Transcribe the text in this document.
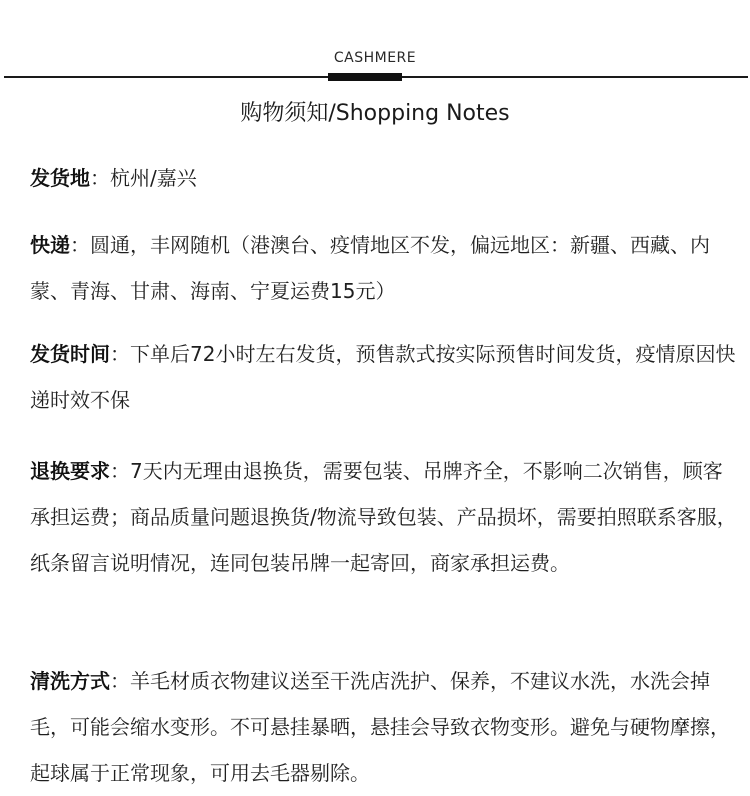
CASHMERE
购物须知/Shopping Notes
发货地：杭州/嘉兴
快递：圆通，丰网随机（港澳台、疫情地区不发，偏远地区：新疆、西藏、内蒙、青海、甘肃、海南、宁夏运费15元）
发货时间：下单后72小时左右发货，预售款式按实际预售时间发货，疫情原因快递时效不保
退换要求：7天内无理由退换货，需要包装、吊牌齐全，不影响二次销售，顾客承担运费；商品质量问题退换货/物流导致包装、产品损坏，需要拍照联系客服，纸条留言说明情况，连同包装吊牌一起寄回，商家承担运费。
清洗方式：羊毛材质衣物建议送至干洗店洗护、保养，不建议水洗，水洗会掉毛，可能会缩水变形。不可悬挂暴晒，悬挂会导致衣物变形。避免与硬物摩擦，起球属于正常现象，可用去毛器剔除。
